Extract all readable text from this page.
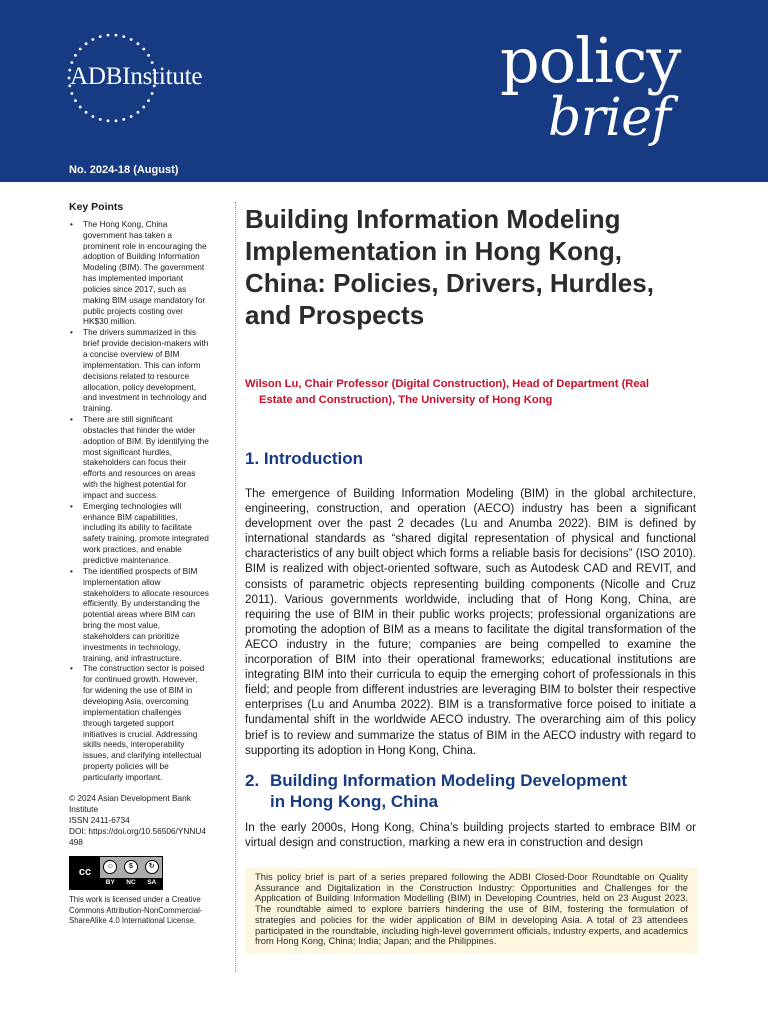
ADBInstitute	policy
brief
No. 2024-18 (August)
Key Points
• The Hong Kong, China government has taken a prominent role in encouraging the adoption of Building Information Modeling (BIM). The government has implemented important policies since 2017, such as making BIM usage mandatory for public projects costing over HK$30 million.
• The drivers summarized in this brief provide decision-makers with a concise overview of BIM implementation. This can inform decisions related to resource allocation, policy development, and investment in technology and training.
• There are still significant obstacles that hinder the wider adoption of BIM. By identifying the most significant hurdles, stakeholders can focus their efforts and resources on areas with the highest potential for impact and success.
• Emerging technologies will enhance BIM capabilities, including its ability to facilitate safety training, promote integrated work practices, and enable predictive maintenance.
• The identified prospects of BIM implementation allow stakeholders to allocate resources efficiently. By understanding the potential areas where BIM can bring the most value, stakeholders can prioritize investments in technology, training, and infrastructure.
• The construction sector is poised for continued growth. However, for widening the use of BIM in developing Asia, overcoming implementation challenges through targeted support initiatives is crucial. Addressing skills needs, interoperability issues, and clarifying intellectual property policies will be particularly important.
© 2024 Asian Development Bank Institute
ISSN 2411-6734
DOI: https://doi.org/10.56506/YNNU4498
cc	☺	$	↻
BY NC SA
This work is licensed under a Creative Commons Attribution-NonCommercial-ShareAlike 4.0 International License.
Building Information Modeling Implementation in Hong Kong, China: Policies, Drivers, Hurdles, and Prospects
Wilson Lu, Chair Professor (Digital Construction), Head of Department (Real Estate and Construction), The University of Hong Kong
1. Introduction

The emergence of Building Information Modeling (BIM) in the global architecture, engineering, construction, and operation (AECO) industry has been a significant development over the past 2 decades (Lu and Anumba 2022). BIM is defined by international standards as “shared digital representation of physical and functional characteristics of any built object which forms a reliable basis for decisions” (ISO 2010). BIM is realized with object-oriented software, such as Autodesk CAD and REVIT, and consists of parametric objects representing building components (Nicolle and Cruz 2011). Various governments worldwide, including that of Hong Kong, China, are requiring the use of BIM in their public works projects; professional organizations are promoting the adoption of BIM as a means to facilitate the digital transformation of the AECO industry in the future; companies are being compelled to examine the incorporation of BIM into their operational frameworks; educational institutions are integrating BIM into their curricula to equip the emerging cohort of professionals in this field; and people from different industries are leveraging BIM to bolster their respective enterprises (Lu and Anumba 2022). BIM is a transformative force poised to initiate a fundamental shift in the worldwide AECO industry. The overarching aim of this policy brief is to review and summarize the status of BIM in the AECO industry with regard to supporting its adoption in Hong Kong, China.

2. Building Information Modeling Development
in Hong Kong, China

In the early 2000s, Hong Kong, China’s building projects started to embrace BIM or virtual design and construction, marking a new era in construction and design

This policy brief is part of a series prepared following the ADBI Closed-Door Roundtable on Quality Assurance and Digitalization in the Construction Industry: Opportunities and Challenges for the Application of Building Information Modelling (BIM) in Developing Countries, held on 23 August 2023. The roundtable aimed to explore barriers hindering the use of BIM, fostering the formulation of strategies and policies for the wider application of BIM in developing Asia. A total of 23 attendees participated in the roundtable, including high-level government officials, industry experts, and academics from Hong Kong, China; India; Japan; and the Philippines.
